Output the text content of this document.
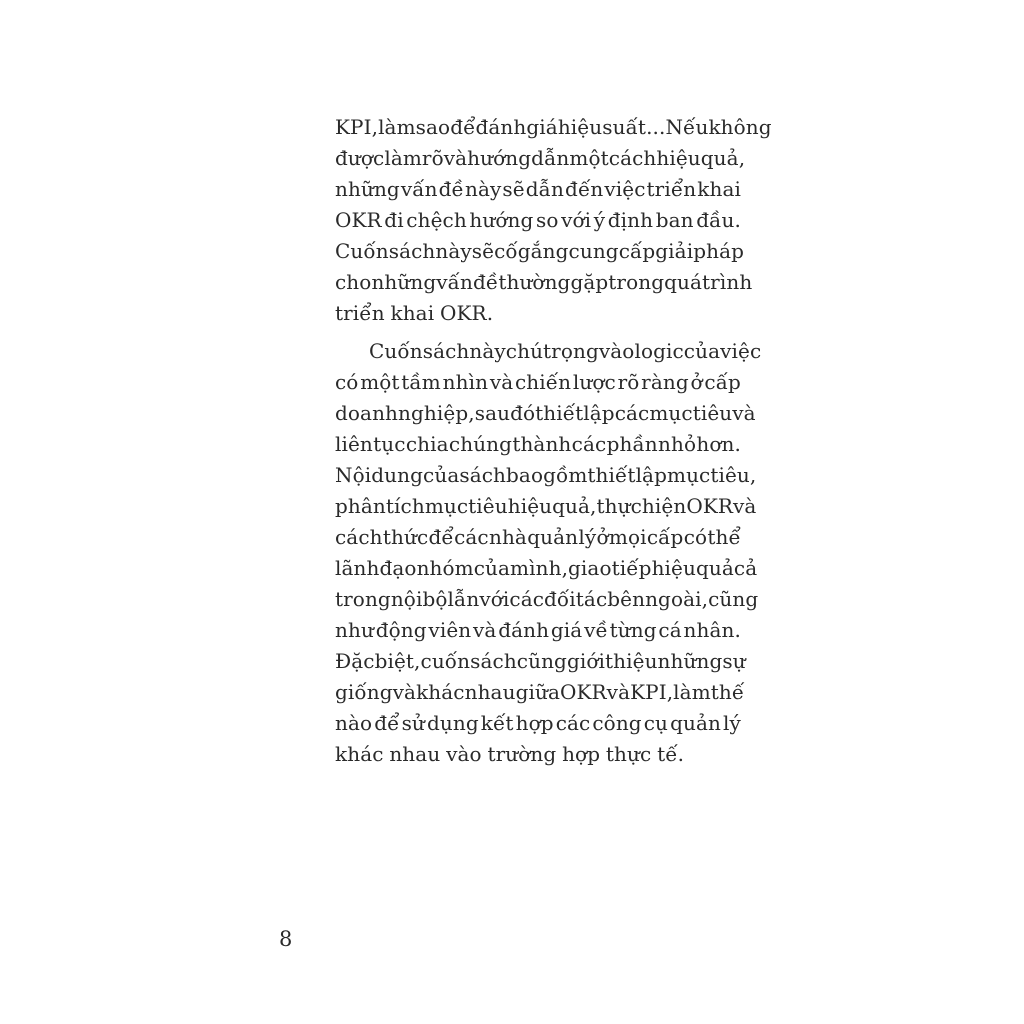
KPI, làm sao để đánh giá hiệu suất... Nếu không
được làm rõ và hướng dẫn một cách hiệu quả,
những vấn đề này sẽ dẫn đến việc triển khai
OKR đi chệch hướng so với ý định ban đầu.
Cuốn sách này sẽ cố gắng cung cấp giải pháp
cho những vấn đề thường gặp trong quá trình
triển khai OKR.
Cuốn sách này chú trọng vào logic của việc
có một tầm nhìn và chiến lược rõ ràng ở cấp
doanh nghiệp, sau đó thiết lập các mục tiêu và
liên tục chia chúng thành các phần nhỏ hơn.
Nội dung của sách bao gồm thiết lập mục tiêu,
phân tích mục tiêu hiệu quả, thực hiện OKR và
cách thức để các nhà quản lý ở mọi cấp có thể
lãnh đạo nhóm của mình, giao tiếp hiệu quả cả
trong nội bộ lẫn với các đối tác bên ngoài, cũng
như động viên và đánh giá về từng cá nhân.
Đặc biệt, cuốn sách cũng giới thiệu những sự
giống và khác nhau giữa OKR và KPI, làm thế
nào để sử dụng kết hợp các công cụ quản lý
khác nhau vào trường hợp thực tế.
8
